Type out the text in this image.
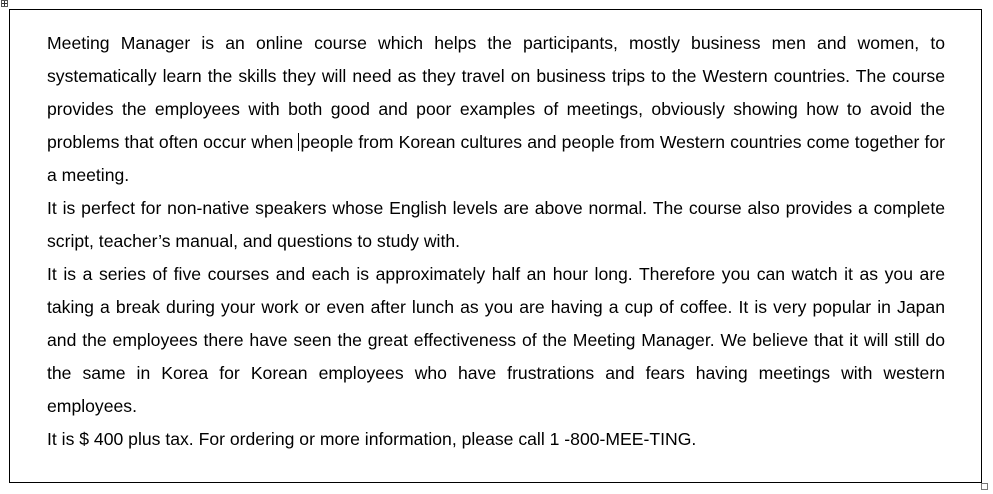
Meeting Manager is an online course which helps the participants, mostly business men and women, to systematically learn the skills they will need as they travel on business trips to the Western countries. The course provides the employees with both good and poor examples of meetings, obviously showing how to avoid the problems that often occur when people from Korean cultures and people from Western countries come together for a meeting.

It is perfect for non-native speakers whose English levels are above normal. The course also provides a complete script, teacher’s manual, and questions to study with.

It is a series of five courses and each is approximately half an hour long. Therefore you can watch it as you are taking a break during your work or even after lunch as you are having a cup of coffee. It is very popular in Japan and the employees there have seen the great effectiveness of the Meeting Manager. We believe that it will still do the same in Korea for Korean employees who have frustrations and fears having meetings with western employees.

It is $ 400 plus tax. For ordering or more information, please call 1 -800-MEE-TING.
